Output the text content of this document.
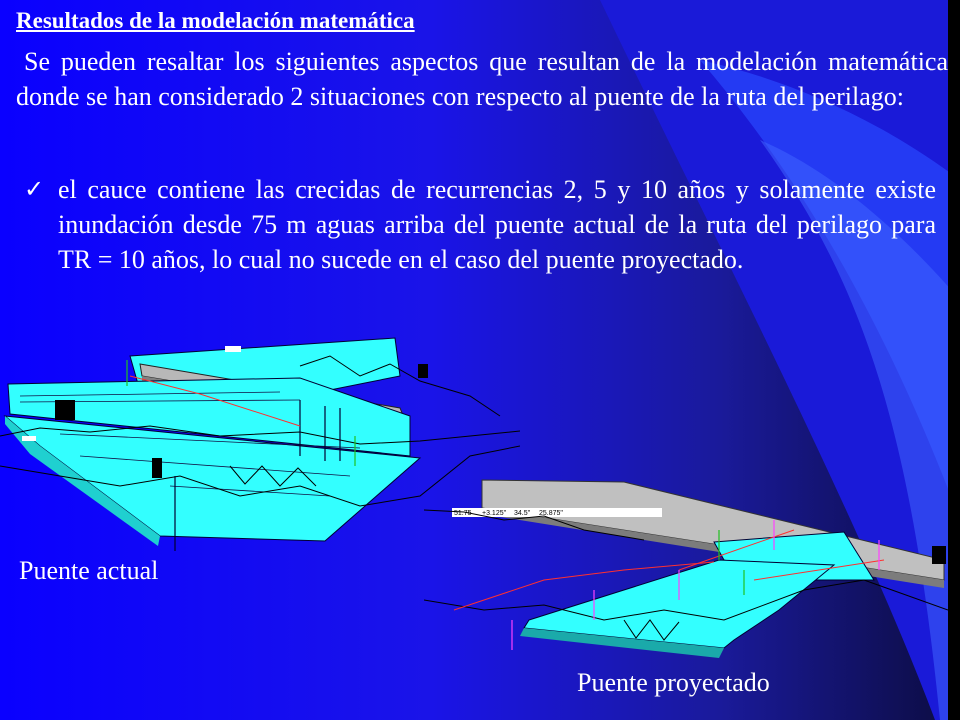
Resultados de la modelación matemática
Se pueden resaltar los siguientes aspectos que resultan de la modelación matemática donde se han considerado 2 situaciones con respecto al puente de la ruta del perilago:
✓ el cauce contiene las crecidas de recurrencias 2, 5 y 10 años y solamente existe inundación desde 75 m aguas arriba del puente actual de la ruta del perilago para TR = 10 años, lo cual no sucede en el caso del puente proyectado.
51.75 +3.125" 34.5" 25.875"
Puente actual
Puente proyectado
